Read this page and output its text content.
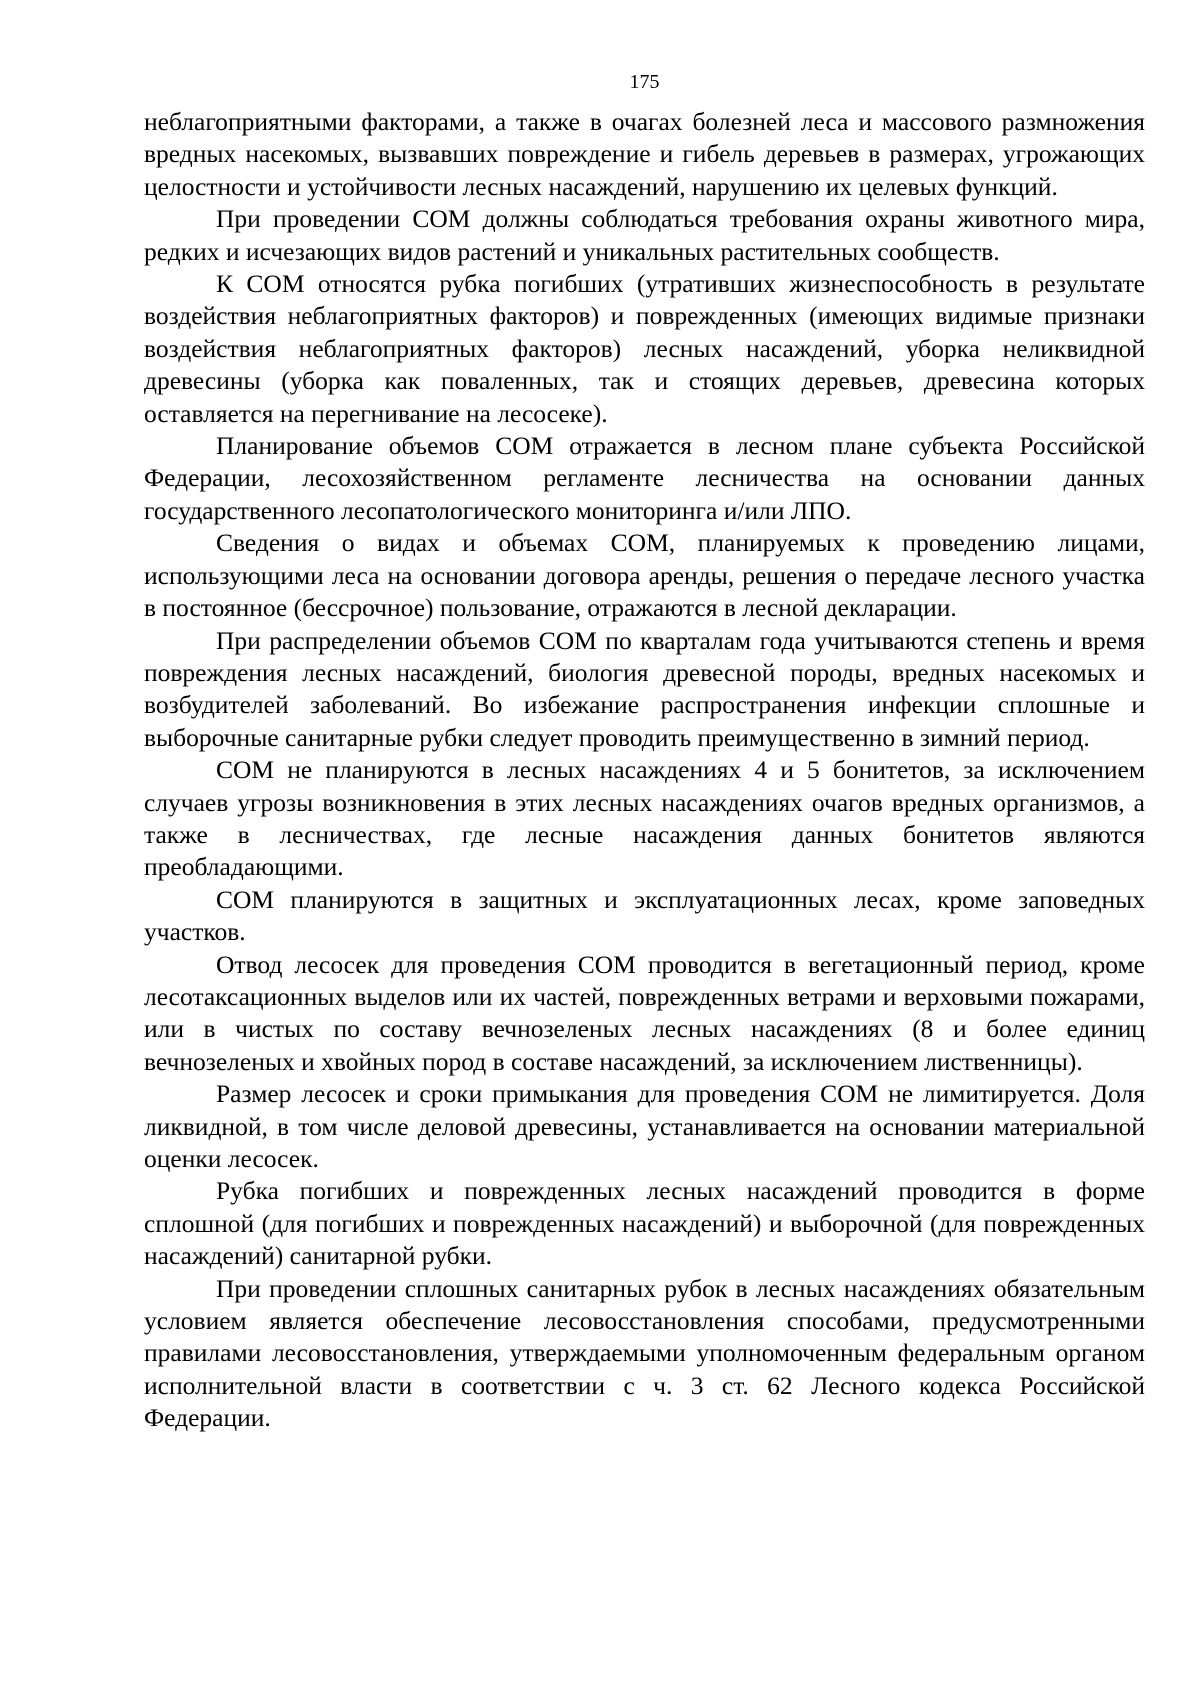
175

неблагоприятными факторами, а также в очагах болезней леса и массового размножения вредных насекомых, вызвавших повреждение и гибель деревьев в размерах, угрожающих целостности и устойчивости лесных насаждений, нарушению их целевых функций.

При проведении СОМ должны соблюдаться требования охраны животного мира, редких и исчезающих видов растений и уникальных растительных сообществ.

К СОМ относятся рубка погибших (утративших жизнеспособность в результате воздействия неблагоприятных факторов) и поврежденных (имеющих видимые признаки воздействия неблагоприятных факторов) лесных насаждений, уборка неликвидной древесины (уборка как поваленных, так и стоящих деревьев, древесина которых оставляется на перегнивание на лесосеке).

Планирование объемов СОМ отражается в лесном плане субъекта Российской Федерации, лесохозяйственном регламенте лесничества на основании данных государственного лесопатологического мониторинга и/или ЛПО.

Сведения о видах и объемах СОМ, планируемых к проведению лицами, использующими леса на основании договора аренды, решения о передаче лесного участка в постоянное (бессрочное) пользование, отражаются в лесной декларации.

При распределении объемов СОМ по кварталам года учитываются степень и время повреждения лесных насаждений, биология древесной породы, вредных насекомых и возбудителей заболеваний. Во избежание распространения инфекции сплошные и выборочные санитарные рубки следует проводить преимущественно в зимний период.

СОМ не планируются в лесных насаждениях 4 и 5 бонитетов, за исключением случаев угрозы возникновения в этих лесных насаждениях очагов вредных организмов, а также в лесничествах, где лесные насаждения данных бонитетов являются преобладающими.

СОМ планируются в защитных и эксплуатационных лесах, кроме заповедных участков.

Отвод лесосек для проведения СОМ проводится в вегетационный период, кроме лесотаксационных выделов или их частей, поврежденных ветрами и верховыми пожарами, или в чистых по составу вечнозеленых лесных насаждениях (8 и более единиц вечнозеленых и хвойных пород в составе насаждений, за исключением лиственницы).

Размер лесосек и сроки примыкания для проведения СОМ не лимитируется. Доля ликвидной, в том числе деловой древесины, устанавливается на основании материальной оценки лесосек.

Рубка погибших и поврежденных лесных насаждений проводится в форме сплошной (для погибших и поврежденных насаждений) и выборочной (для поврежденных насаждений) санитарной рубки.

При проведении сплошных санитарных рубок в лесных насаждениях обязательным условием является обеспечение лесовосстановления способами, предусмотренными правилами лесовосстановления, утверждаемыми уполномоченным федеральным органом исполнительной власти в соответствии с ч. 3 ст. 62 Лесного кодекса Российской Федерации.
